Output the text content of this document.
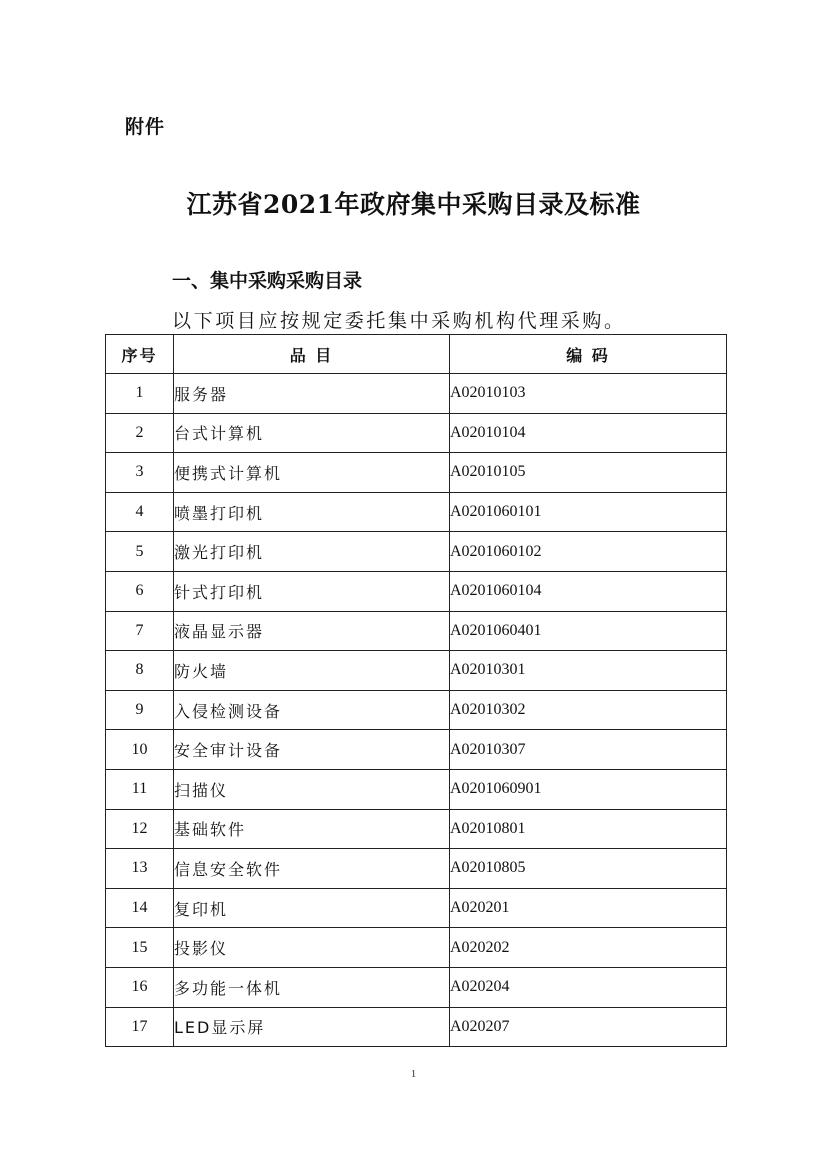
附件
江苏省2021年政府集中采购目录及标准
一、集中采购采购目录
以下项目应按规定委托集中采购机构代理采购。
序号	品 目	编 码
1	服务器	A02010103
2	台式计算机	A02010104
3	便携式计算机	A02010105
4	喷墨打印机	A0201060101
5	激光打印机	A0201060102
6	针式打印机	A0201060104
7	液晶显示器	A0201060401
8	防火墙	A02010301
9	入侵检测设备	A02010302
10	安全审计设备	A02010307
11	扫描仪	A0201060901
12	基础软件	A02010801
13	信息安全软件	A02010805
14	复印机	A020201
15	投影仪	A020202
16	多功能一体机	A020204
17	LED显示屏	A020207
1
